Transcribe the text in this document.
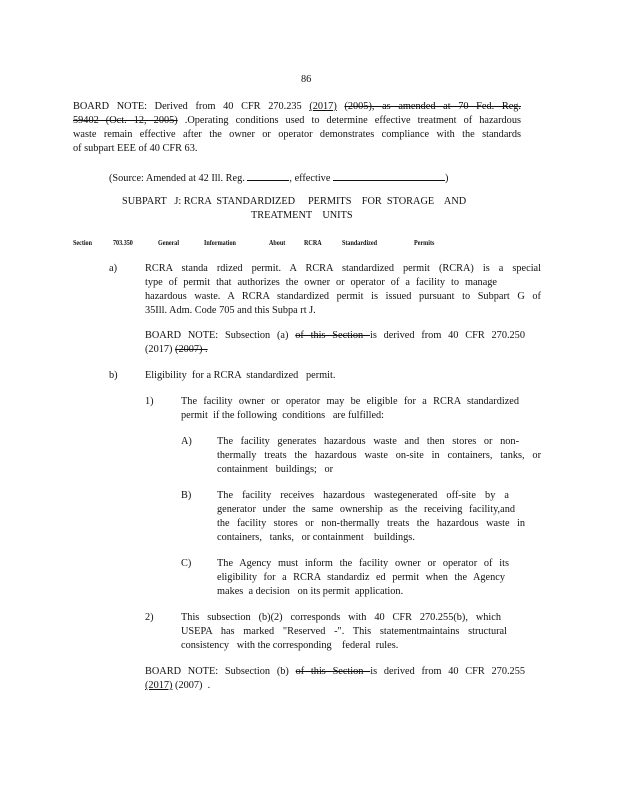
86
BOARD NOTE: Derived from 40 CFR 270.235 (2017) (2005), as amended at 70 Fed. Reg.
59402 (Oct. 12, 2005) .Operating conditions used to determine effective treatment of hazardous
waste remain effective after the owner or operator demonstrates compliance with the standards
of subpart EEE of 40 CFR 63.
(Source: Amended at 42 Ill. Reg.	, effective	)
SUBPART   J: RCRA  STANDARDIZED     PERMITS    FOR  STORAGE    AND
TREATMENT    UNITS
Section	703.350	General	Information	About	RCRA	Standardized	Permits
a)	RCRA standa rdized permit. A RCRA standardized permit (RCRA) is a special
type of permit that authorizes the owner or operator of a facility to manage
hazardous waste. A RCRA standardized permit is issued pursuant to Subpart G of
35Ill. Adm. Code 705 and this Subpa rt J.
BOARD NOTE: Subsection (a) of this Section is derived from 40 CFR 270.250
(2017) (2007) .
b)	Eligibility  for a RCRA  standardized   permit.
1)	The facility owner or operator may be eligible for a RCRA standardized
permit  if the following  conditions   are fulfilled:
A) The facility generates hazardous waste and then stores or non-
thermally treats the hazardous waste on-site in containers, tanks, or
containment   buildings;   or
B) The facility receives hazardous wastegenerated off-site by a
generator under the same ownership as the receiving facility,and
the facility stores or non-thermally treats the hazardous waste in
containers,   tanks,   or containment    buildings.
C) The Agency must inform the facility owner or operator of its
eligibility for a RCRA standardiz ed permit when the Agency
makes  a decision   on its permit  application.
2)	This subsection (b)(2) corresponds with 40 CFR 270.255(b), which
USEPA has marked "Reserved -". This statementmaintains structural
consistency   with the corresponding    federal  rules.
BOARD NOTE: Subsection (b) of this Section is derived from 40 CFR 270.255
(2017) (2007)  .
